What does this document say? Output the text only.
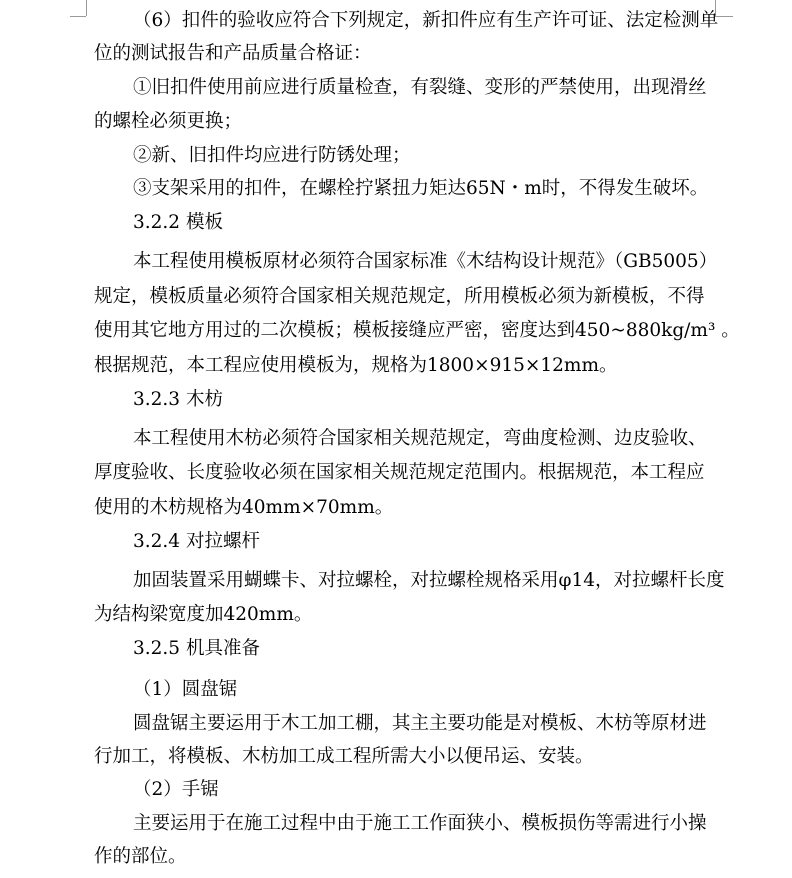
（6）扣件的验收应符合下列规定，新扣件应有生产许可证、法定检测单
位的测试报告和产品质量合格证：
①旧扣件使用前应进行质量检查，有裂缝、变形的严禁使用，出现滑丝
的螺栓必须更换；
②新、旧扣件均应进行防锈处理；
③支架采用的扣件，在螺栓拧紧扭力矩达65N・m时，不得发生破坏。
3.2.2 模板
本工程使用模板原材必须符合国家标准《木结构设计规范》（GB5005）
规定，模板质量必须符合国家相关规范规定，所用模板必须为新模板，不得
使用其它地方用过的二次模板；模板接缝应严密，密度达到450~880kg/m³ 。
根据规范，本工程应使用模板为，规格为1800×915×12mm。
3.2.3 木枋
本工程使用木枋必须符合国家相关规范规定，弯曲度检测、边皮验收、
厚度验收、长度验收必须在国家相关规范规定范围内。根据规范，本工程应
使用的木枋规格为40mm×70mm。
3.2.4 对拉螺杆
加固装置采用蝴蝶卡、对拉螺栓，对拉螺栓规格采用φ14，对拉螺杆长度
为结构梁宽度加420mm。
3.2.5 机具准备
（1）圆盘锯
圆盘锯主要运用于木工加工棚，其主主要功能是对模板、木枋等原材进
行加工，将模板、木枋加工成工程所需大小以便吊运、安装。
（2）手锯
主要运用于在施工过程中由于施工工作面狭小、模板损伤等需进行小操
作的部位。
